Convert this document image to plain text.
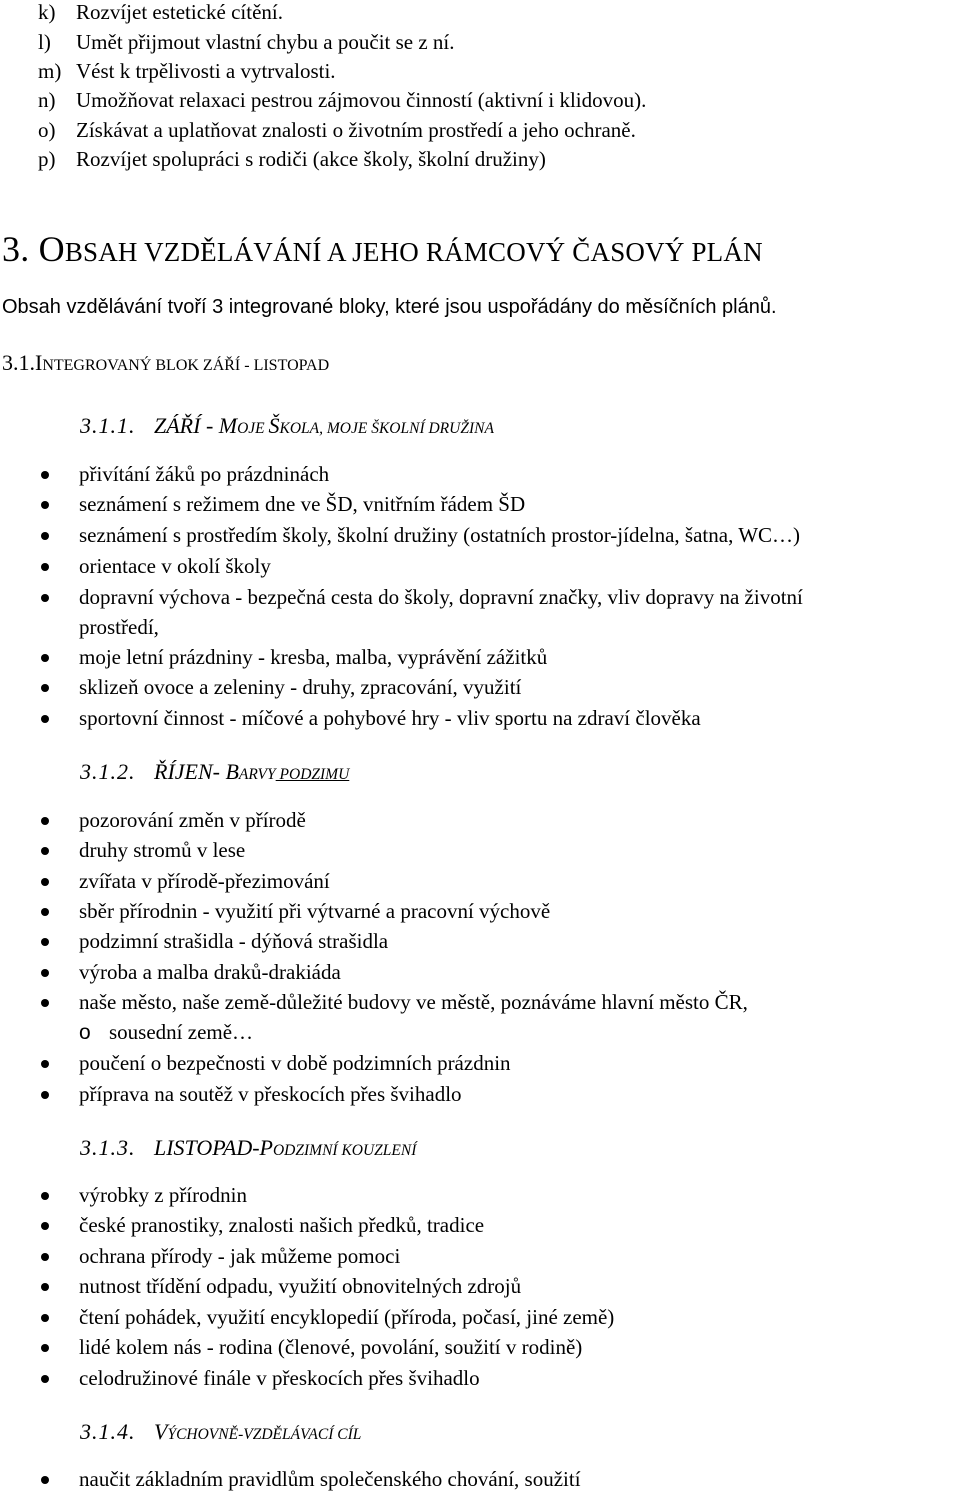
k) Rozvíjet estetické cítění.
l) Umět přijmout vlastní chybu a poučit se z ní.
m) Vést k trpělivosti a vytrvalosti.
n) Umožňovat relaxaci pestrou zájmovou činností (aktivní i klidovou).
o) Získávat a uplatňovat znalosti o životním prostředí a jeho ochraně.
p) Rozvíjet spolupráci s rodiči (akce školy, školní družiny)
3. OBSAH VZDĚLÁVÁNÍ A JEHO RÁMCOVÝ ČASOVÝ PLÁN
Obsah vzdělávání tvoří 3 integrované bloky, které jsou uspořádány do měsíčních plánů.
3.1.INTEGROVANÝ BLOK ZÁŘÍ - LISTOPAD
3.1.1. ZÁŘÍ - MOJE ŠKOLA, MOJE ŠKOLNÍ DRUŽINA
přivítání žáků po prázdninách
seznámení s režimem dne ve ŠD, vnitřním řádem ŠD
seznámení s prostředím školy, školní družiny (ostatních prostor-jídelna, šatna, WC…)
orientace v okolí školy
dopravní výchova - bezpečná cesta do školy, dopravní značky, vliv dopravy na životní
prostředí,
moje letní prázdniny - kresba, malba, vyprávění zážitků
sklizeň ovoce a zeleniny - druhy, zpracování, využití
sportovní činnost - míčové a pohybové hry - vliv sportu na zdraví člověka
3.1.2. ŘÍJEN- BARVY PODZIMU
pozorování změn v přírodě
druhy stromů v lese
zvířata v přírodě-přezimování
sběr přírodnin - využití při výtvarné a pracovní výchově
podzimní strašidla - dýňová strašidla
výroba a malba draků-drakiáda
naše město, naše země-důležité budovy ve městě, poznáváme hlavní město ČR,
o sousední země…
poučení o bezpečnosti v době podzimních prázdnin
příprava na soutěž v přeskocích přes švihadlo
3.1.3. LISTOPAD-PODZIMNÍ KOUZLENÍ
výrobky z přírodnin
české pranostiky, znalosti našich předků, tradice
ochrana přírody - jak můžeme pomoci
nutnost třídění odpadu, využití obnovitelných zdrojů
čtení pohádek, využití encyklopedií (příroda, počasí, jiné země)
lidé kolem nás - rodina (členové, povolání, soužití v rodině)
celodružinové finále v přeskocích přes švihadlo
3.1.4. VÝCHOVNĚ-VZDĚLÁVACÍ CÍL
naučit základním pravidlům společenského chování, soužití
